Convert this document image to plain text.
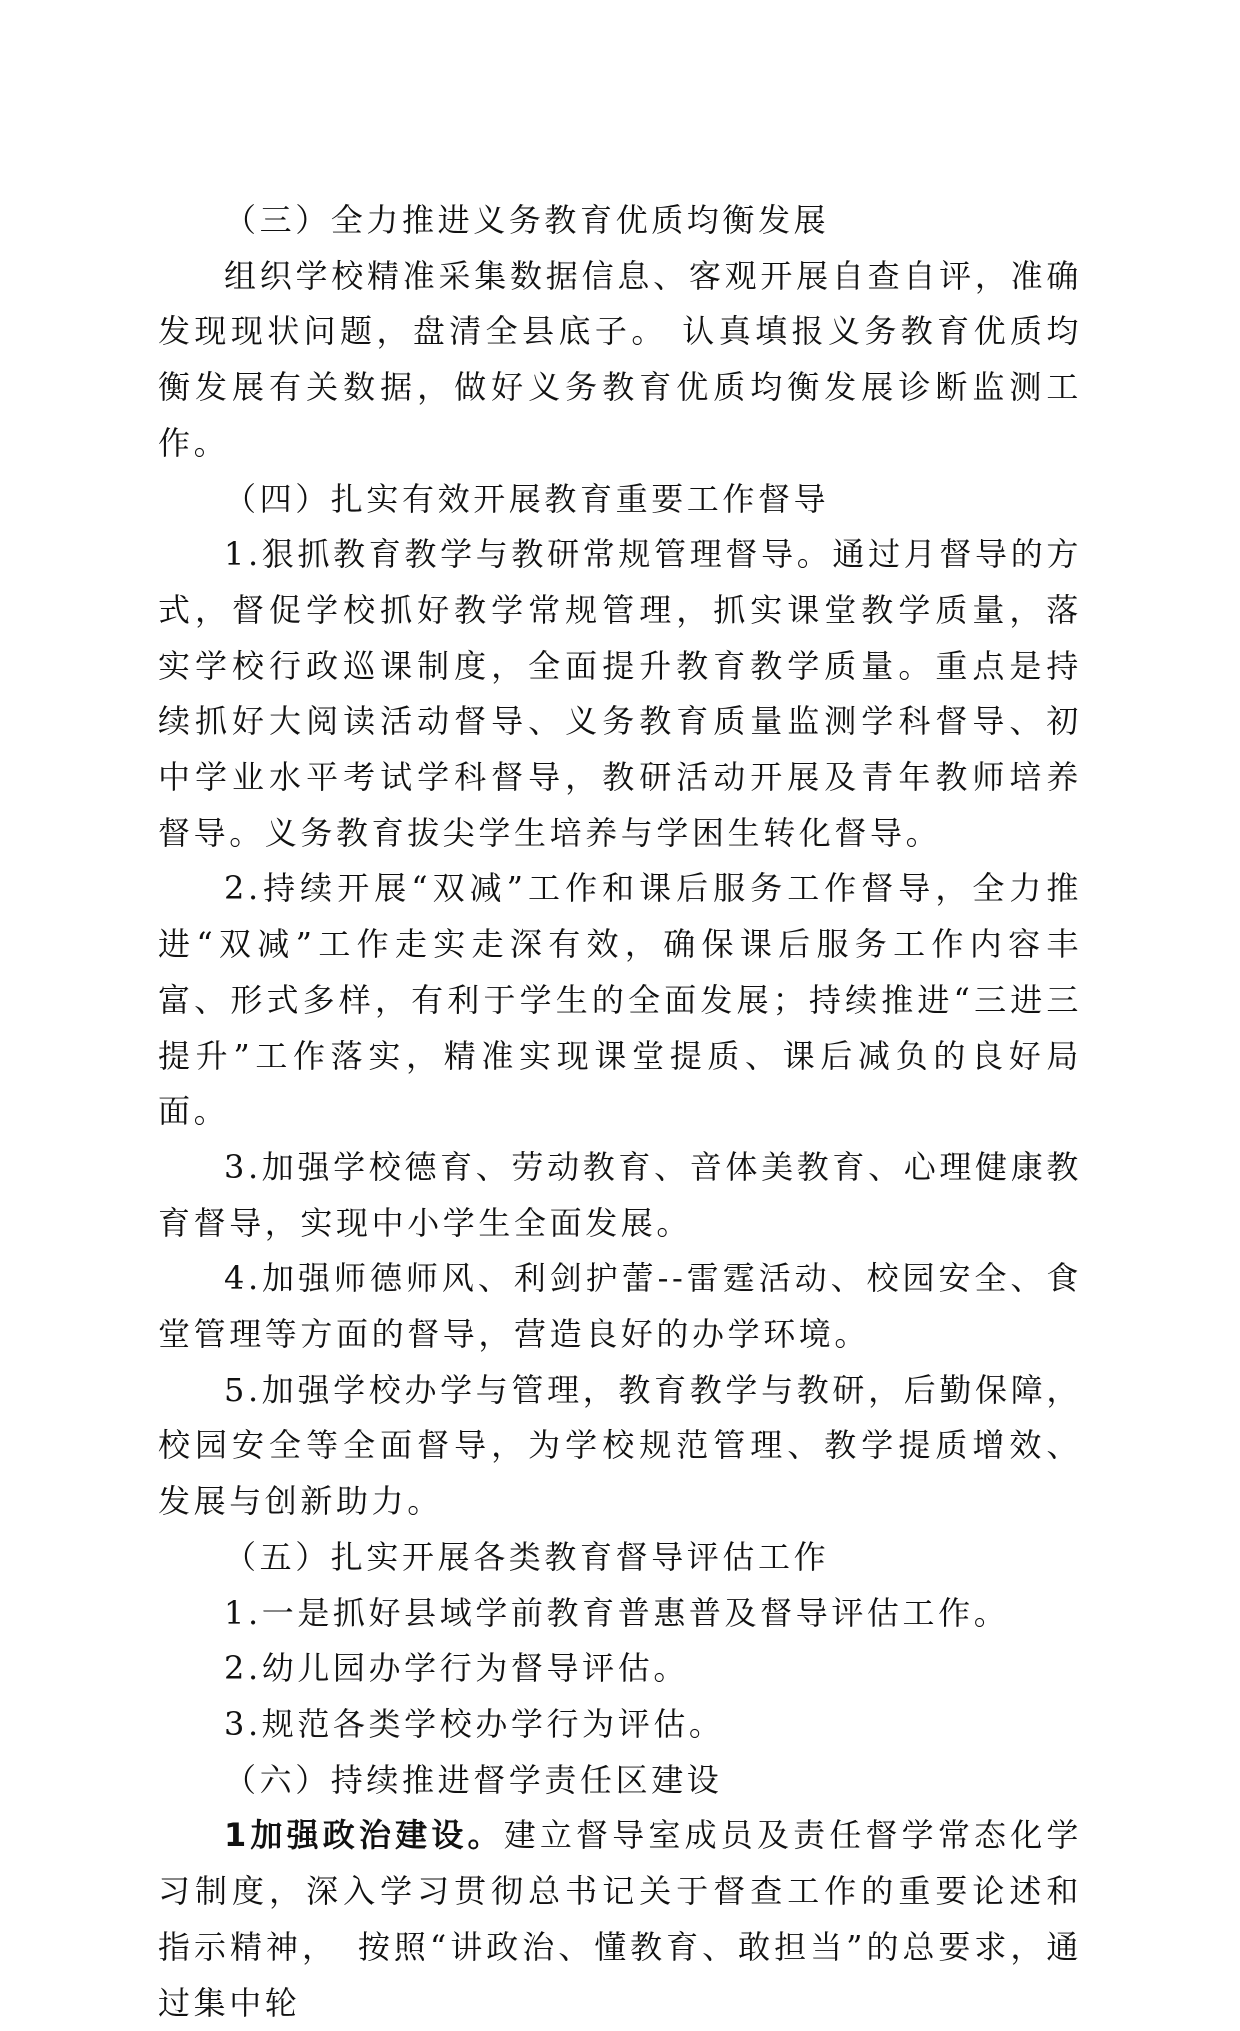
（三）全力推进义务教育优质均衡发展

组织学校精准采集数据信息、客观开展自查自评，准确发现现状问题，盘清全县底子。 认真填报义务教育优质均衡发展有关数据，做好义务教育优质均衡发展诊断监测工作。

（四）扎实有效开展教育重要工作督导

1.狠抓教育教学与教研常规管理督导。通过月督导的方式，督促学校抓好教学常规管理，抓实课堂教学质量，落实学校行政巡课制度，全面提升教育教学质量。重点是持续抓好大阅读活动督导、义务教育质量监测学科督导、初中学业水平考试学科督导，教研活动开展及青年教师培养督导。义务教育拔尖学生培养与学困生转化督导。

2.持续开展“双减”工作和课后服务工作督导，全力推进“双减”工作走实走深有效，确保课后服务工作内容丰富、形式多样，有利于学生的全面发展；持续推进“三进三提升”工作落实，精准实现课堂提质、课后减负的良好局面。

3.加强学校德育、劳动教育、音体美教育、心理健康教育督导，实现中小学生全面发展。

4.加强师德师风、利剑护蕾--雷霆活动、校园安全、食堂管理等方面的督导，营造良好的办学环境。

5.加强学校办学与管理，教育教学与教研，后勤保障，校园安全等全面督导，为学校规范管理、教学提质增效、发展与创新助力。

（五）扎实开展各类教育督导评估工作

1.一是抓好县域学前教育普惠普及督导评估工作。

2.幼儿园办学行为督导评估。

3.规范各类学校办学行为评估。

（六）持续推进督学责任区建设

1加强政治建设。建立督导室成员及责任督学常态化学习制度，深入学习贯彻总书记关于督查工作的重要论述和指示精神，　按照“讲政治、懂教育、敢担当”的总要求，通过集中轮
